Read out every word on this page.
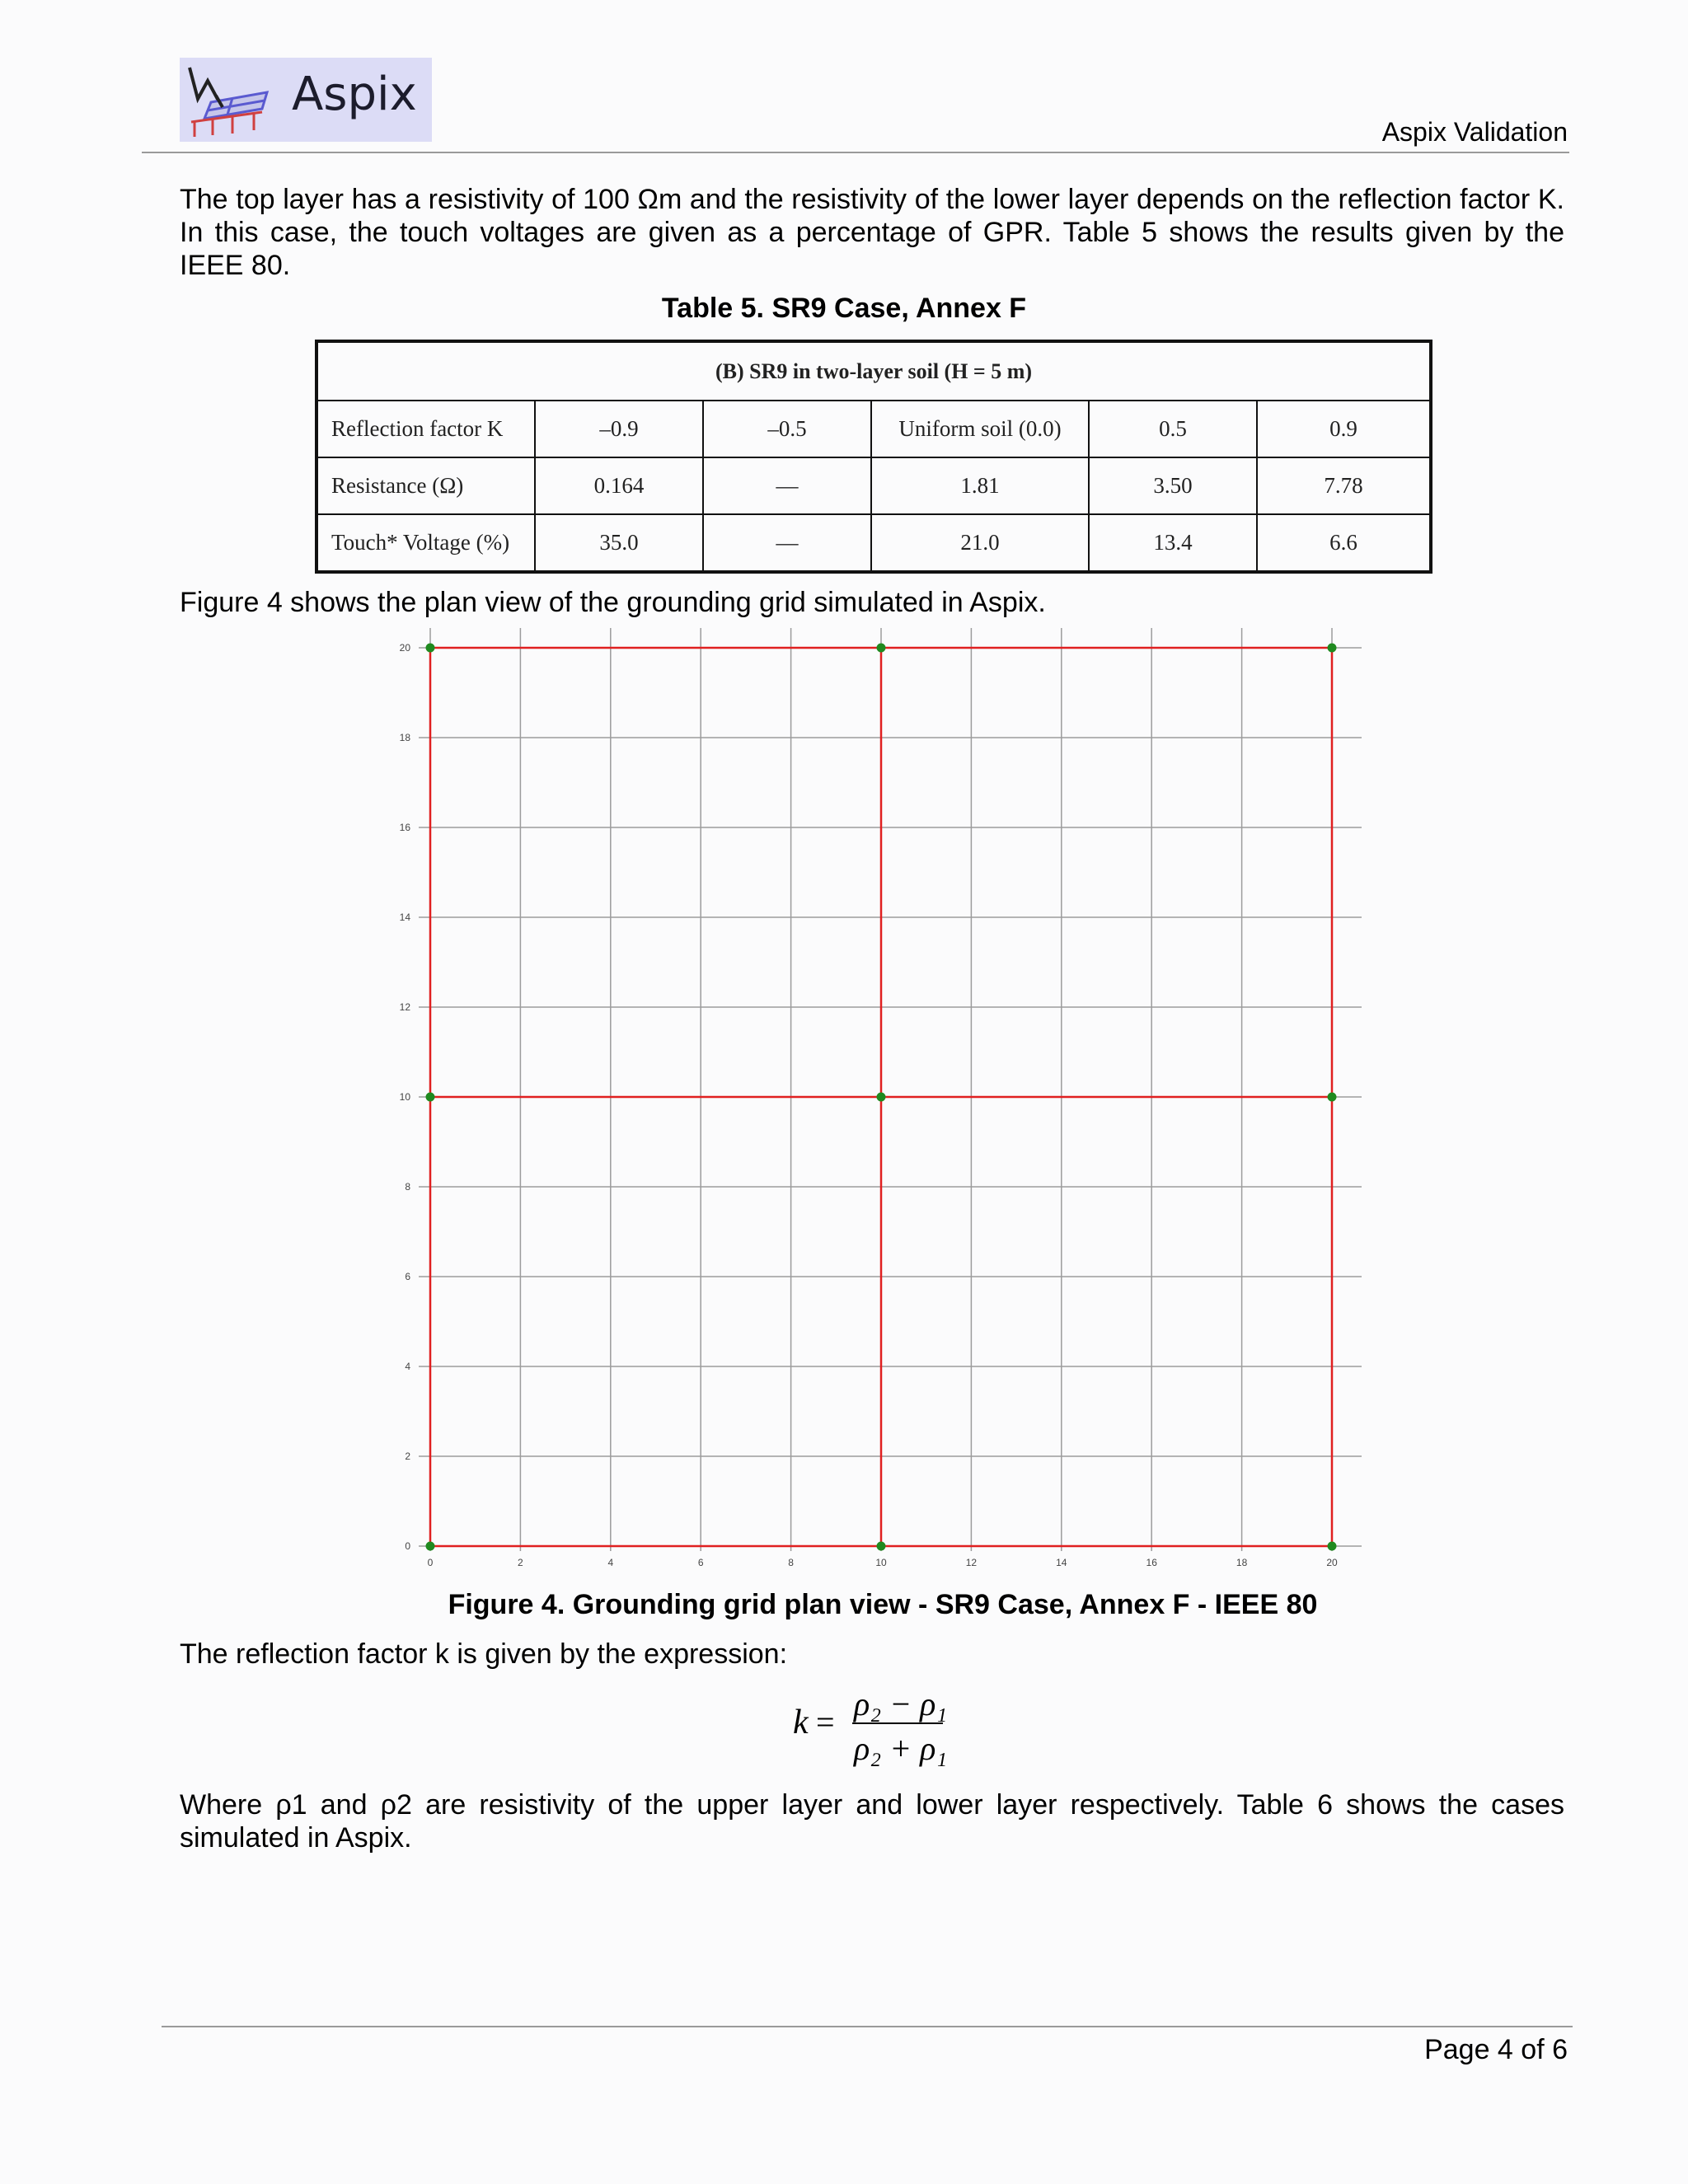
Aspix
Aspix Validation
The top layer has a resistivity of 100 Ωm and the resistivity of the lower layer depends on the reflection factor K.
In this case, the touch voltages are given as a percentage of GPR. Table 5 shows the results given by the
IEEE 80.
Table 5. SR9 Case, Annex F
(B) SR9 in two-layer soil (H = 5 m)					
Reflection factor K	–0.9	–0.5	Uniform soil (0.0)	0.5	0.9
Resistance (Ω)	0.164	—	1.81	3.50	7.78
Touch* Voltage (%)	35.0	—	21.0	13.4	6.6
Figure 4 shows the plan view of the grounding grid simulated in Aspix.
0	2	4	6	8	10	12	14	16	18	20
0
2
4
6
8
10
12
14
16
18
20
Figure 4. Grounding grid plan view - SR9 Case, Annex F - IEEE 80
The reflection factor k is given by the expression:
k = ρ₂ − ρ₁
ρ₂ + ρ₁
Where ρ1 and ρ2 are resistivity of the upper layer and lower layer respectively. Table 6 shows the cases
simulated in Aspix.
Page 4 of 6
